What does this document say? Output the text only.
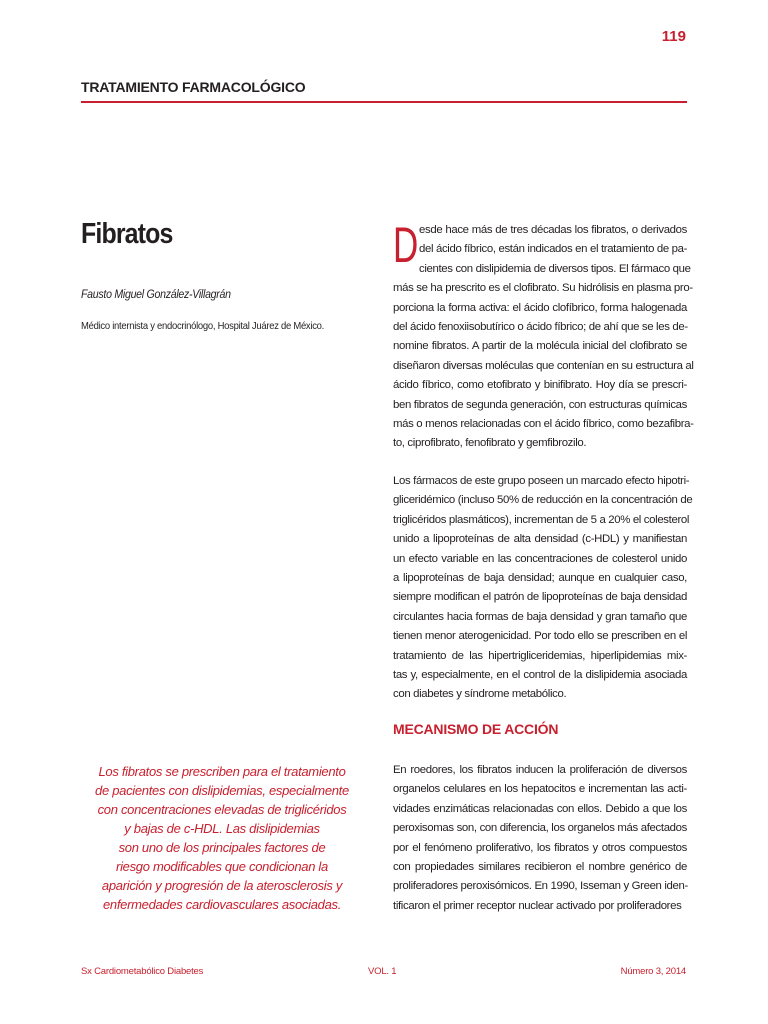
119
TRATAMIENTO FARMACOLÓGICO
Fibratos
Fausto Miguel González-Villagrán
Médico internista y endocrinólogo, Hospital Juárez de México.
Los fibratos se prescriben para el tratamiento
de pacientes con dislipidemias, especialmente
con concentraciones elevadas de triglicéridos
y bajas de c-HDL. Las dislipidemias
son uno de los principales factores de
riesgo modificables que condicionan la
aparición y progresión de la aterosclerosis y
enfermedades cardiovasculares asociadas.
D esde hace más de tres décadas los fibratos, o derivados
del ácido fíbrico, están indicados en el tratamiento de pa-
cientes con dislipidemia de diversos tipos. El fármaco que
más se ha prescrito es el clofibrato. Su hidrólisis en plasma pro-
porciona la forma activa: el ácido clofíbrico, forma halogenada
del ácido fenoxiisobutírico o ácido fíbrico; de ahí que se les de-
nomine fibratos. A partir de la molécula inicial del clofibrato se
diseñaron diversas moléculas que contenían en su estructura al
ácido fíbrico, como etofibrato y binifibrato. Hoy día se prescri-
ben fibratos de segunda generación, con estructuras químicas
más o menos relacionadas con el ácido fíbrico, como bezafibra-
to, ciprofibrato, fenofibrato y gemfibrozilo.
Los fármacos de este grupo poseen un marcado efecto hipotri-
gliceridémico (incluso 50% de reducción en la concentración de
triglicéridos plasmáticos), incrementan de 5 a 20% el colesterol
unido a lipoproteínas de alta densidad (c-HDL) y manifiestan
un efecto variable en las concentraciones de colesterol unido
a lipoproteínas de baja densidad; aunque en cualquier caso,
siempre modifican el patrón de lipoproteínas de baja densidad
circulantes hacia formas de baja densidad y gran tamaño que
tienen menor aterogenicidad. Por todo ello se prescriben en el
tratamiento de las hipertrigliceridemias, hiperlipidemias mix-
tas y, especialmente, en el control de la dislipidemia asociada
con diabetes y síndrome metabólico.
MECANISMO DE ACCIÓN
En roedores, los fibratos inducen la proliferación de diversos
organelos celulares en los hepatocitos e incrementan las acti-
vidades enzimáticas relacionadas con ellos. Debido a que los
peroxisomas son, con diferencia, los organelos más afectados
por el fenómeno proliferativo, los fibratos y otros compuestos
con propiedades similares recibieron el nombre genérico de
proliferadores peroxisómicos. En 1990, Isseman y Green iden-
tificaron el primer receptor nuclear activado por proliferadores
Sx Cardiometabólico Diabetes	VOL. 1	Número 3, 2014
